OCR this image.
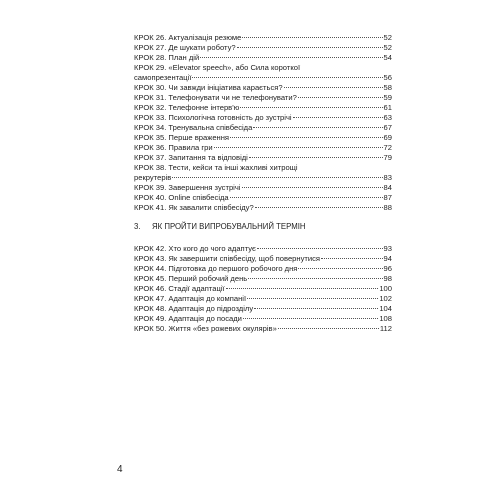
КРОК 26. Актуалізація резюме	52
КРОК 27. Де шукати роботу?	52
КРОК 28. План дій	54
КРОК 29. «Elevator speech», або Сила короткої
самопрезентації	56
КРОК 30. Чи завжди ініціатива карається?	58
КРОК 31. Телефонувати чи не телефонувати?	59
КРОК 32. Телефонне інтерв'ю	61
КРОК 33. Психологічна готовність до зустрічі	63
КРОК 34. Тренувальна співбесіда	67
КРОК 35. Перше враження	69
КРОК 36. Правила гри	72
КРОК 37. Запитання та відповіді	79
КРОК 38. Тести, кейси та інші жахливі хитрощі
рекрутерів	83
КРОК 39. Завершення зустрічі	84
КРОК 40. Online співбесіда	87
КРОК 41. Як завалити співбесіду?	88
3. ЯК ПРОЙТИ ВИПРОБУВАЛЬНИЙ ТЕРМІН
КРОК 42. Хто кого до чого адаптує	93
КРОК 43. Як завершити співбесіду, щоб повернутися	94
КРОК 44. Підготовка до першого робочого дня	96
КРОК 45. Перший робочий день	98
КРОК 46. Стадії адаптації	100
КРОК 47. Адаптація до компанії	102
КРОК 48. Адаптація до підрозділу	104
КРОК 49. Адаптація до посади	108
КРОК 50. Життя «без рожевих окулярів»	112
4
